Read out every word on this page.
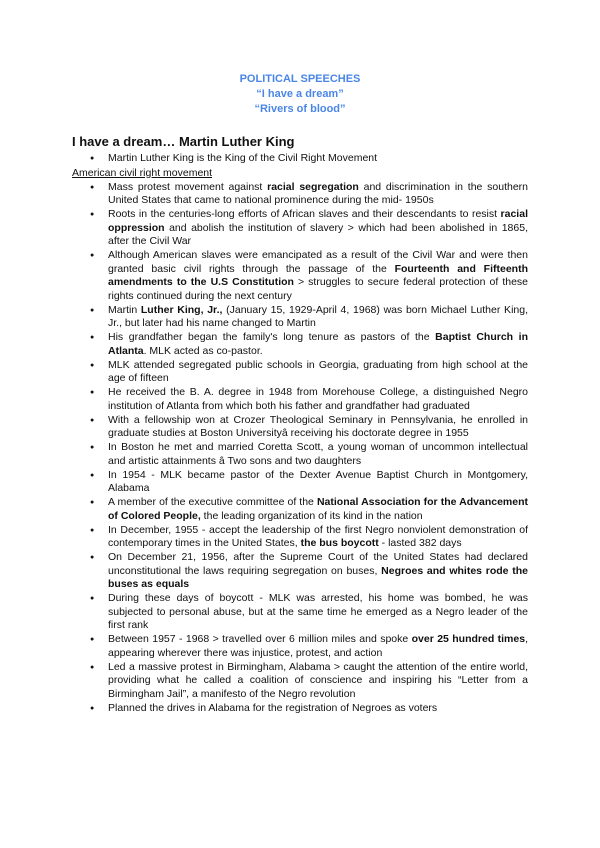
POLITICAL SPEECHES
“I have a dream”
“Rivers of blood”
I have a dream… Martin Luther King
● Martin Luther King is the King of the Civil Right Movement
American civil right movement
● Mass protest movement against racial segregation and discrimination in the southern United States that came to national prominence during the mid- 1950s
● Roots in the centuries-long efforts of African slaves and their descendants to resist racial oppression and abolish the institution of slavery > which had been abolished in 1865, after the Civil War
● Although American slaves were emancipated as a result of the Civil War and were then granted basic civil rights through the passage of the Fourteenth and Fifteenth amendments to the U.S Constitution > struggles to secure federal protection of these rights continued during the next century
● Martin Luther King, Jr., (January 15, 1929-April 4, 1968) was born Michael Luther King, Jr., but later had his name changed to Martin
● His grandfather began the family's long tenure as pastors of the Baptist Church in Atlanta. MLK acted as co-pastor.
● MLK attended segregated public schools in Georgia, graduating from high school at the age of fifteen
● He received the B. A. degree in 1948 from Morehouse College, a distinguished Negro institution of Atlanta from which both his father and grandfather had graduated
● With a fellowship won at Crozer Theological Seminary in Pennsylvania, he enrolled in graduate studies at Boston Universityâ receiving his doctorate degree in 1955
● In Boston he met and married Coretta Scott, a young woman of uncommon intellectual and artistic attainments â Two sons and two daughters
● In 1954 - MLK became pastor of the Dexter Avenue Baptist Church in Montgomery, Alabama
● A member of the executive committee of the National Association for the Advancement of Colored People, the leading organization of its kind in the nation
● In December, 1955 - accept the leadership of the first Negro nonviolent demonstration of contemporary times in the United States, the bus boycott - lasted 382 days
● On December 21, 1956, after the Supreme Court of the United States had declared unconstitutional the laws requiring segregation on buses, Negroes and whites rode the buses as equals
● During these days of boycott - MLK was arrested, his home was bombed, he was subjected to personal abuse, but at the same time he emerged as a Negro leader of the first rank
● Between 1957 - 1968 > travelled over 6 million miles and spoke over 25 hundred times, appearing wherever there was injustice, protest, and action
● Led a massive protest in Birmingham, Alabama > caught the attention of the entire world, providing what he called a coalition of conscience and inspiring his “Letter from a Birmingham Jail”, a manifesto of the Negro revolution
● Planned the drives in Alabama for the registration of Negroes as voters
